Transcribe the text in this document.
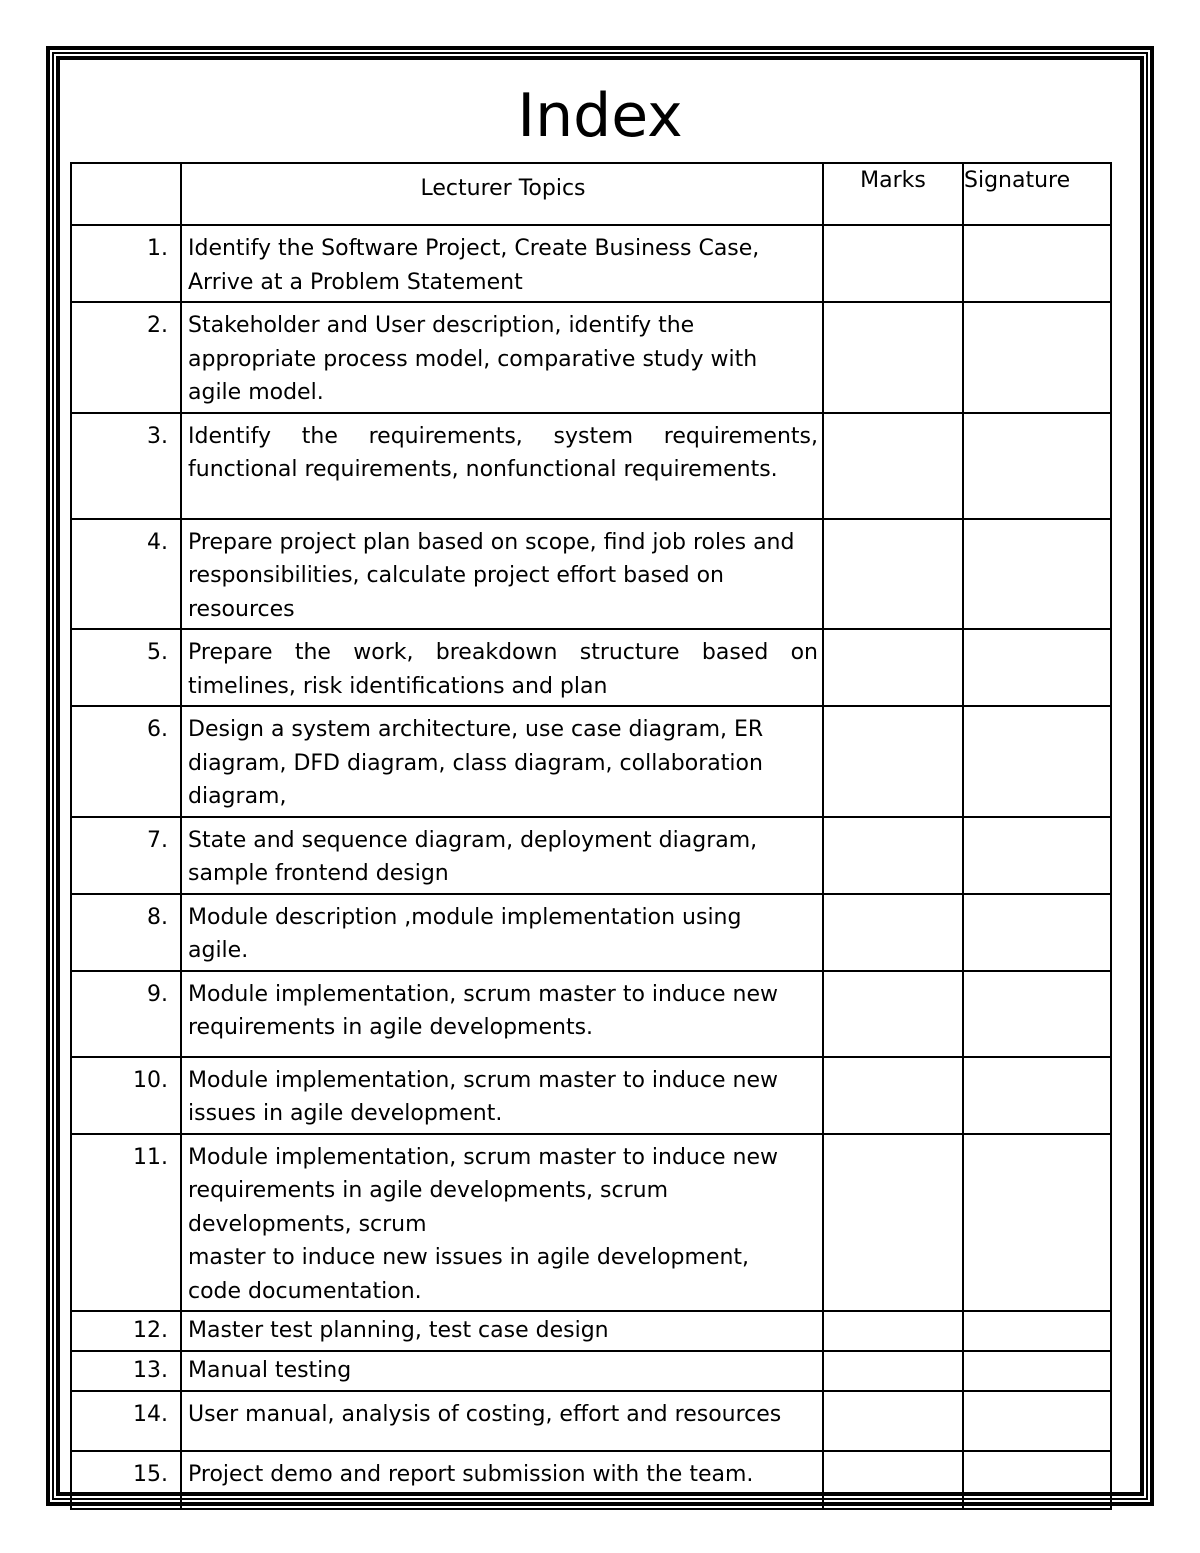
Index
	Lecturer Topics	Marks	Signature
1.	Identify the Software Project, Create Business Case,
Arrive at a Problem Statement		
2.	Stakeholder and User description, identify the
appropriate process model, comparative study with
agile model.		
3.	Identify the requirements, system requirements, functional requirements, nonfunctional requirements.		
4.	Prepare project plan based on scope, find job roles and
responsibilities, calculate project effort based on
resources		
5.	Prepare the work, breakdown structure based on timelines, risk identifications and plan		
6.	Design a system architecture, use case diagram, ER
diagram, DFD diagram, class diagram, collaboration
diagram,		
7.	State and sequence diagram, deployment diagram,
sample frontend design		
8.	Module description ,module implementation using
agile.		
9.	Module implementation, scrum master to induce new
requirements in agile developments.		
10.	Module implementation, scrum master to induce new
issues in agile development.		
11.	Module implementation, scrum master to induce new
requirements in agile developments, scrum
developments, scrum
master to induce new issues in agile development,
code documentation.		
12.	Master test planning, test case design		
13.	Manual testing		
14.	User manual, analysis of costing, effort and resources		
15.	Project demo and report submission with the team.		
